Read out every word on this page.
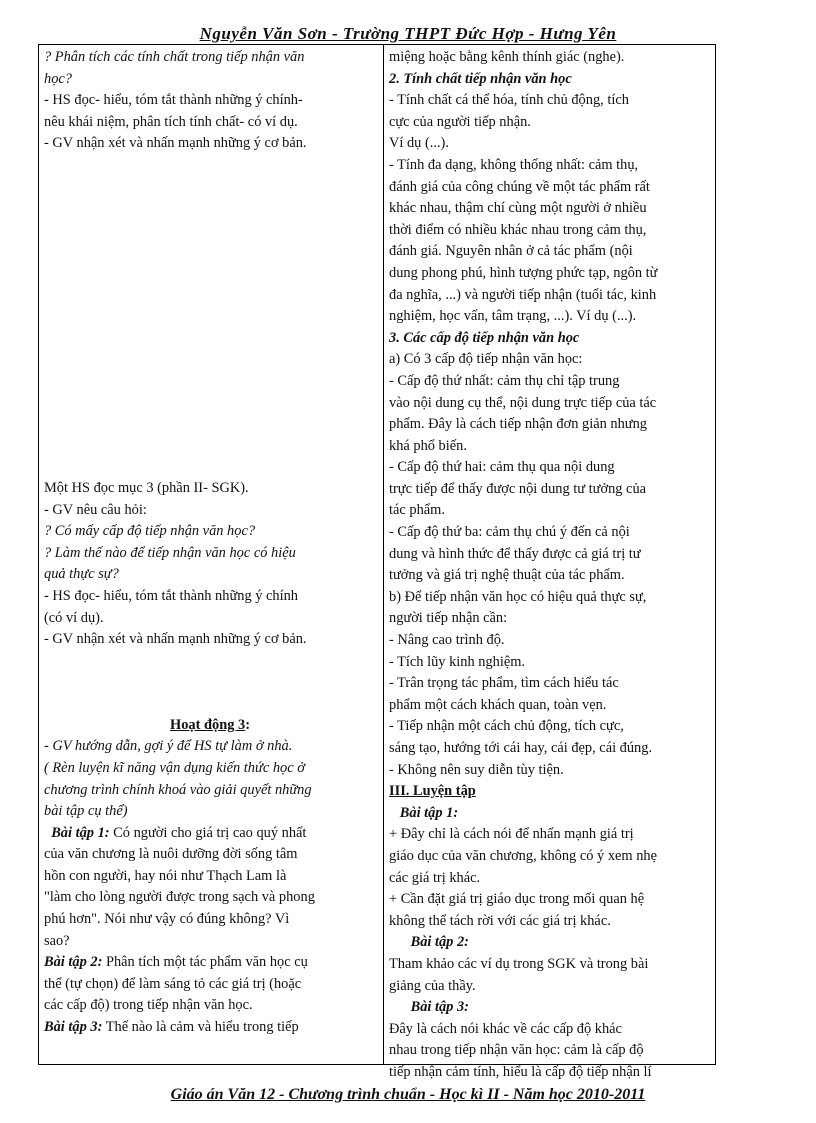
Nguyễn Văn Sơn - Trường THPT Đức Hợp - Hưng Yên
? Phân tích các tính chất trong tiếp nhận văn
học?
- HS đọc- hiểu, tóm tắt thành những ý chính-
nêu khái niệm, phân tích tính chất- có ví dụ.
- GV nhận xét và nhấn mạnh những ý cơ bản.
Một HS đọc mục 3 (phần II- SGK).
- GV nêu câu hỏi:
? Có mấy cấp độ tiếp nhận văn học?
? Làm thế nào để tiếp nhận văn học có hiệu
quả thực sự?
- HS đọc- hiểu, tóm tắt thành những ý chính
(có ví dụ).
- GV nhận xét và nhấn mạnh những ý cơ bản.
Hoạt động 3:
- GV hướng dẫn, gợi ý để HS tự làm ở nhà.
( Rèn luyện kĩ năng vận dụng kiến thức học ở
chương trình chính khoá vào giải quyết những
bài tập cụ thể)
Bài tập 1: Có người cho giá trị cao quý nhất
của văn chương là nuôi dưỡng đời sống tâm
hồn con người, hay nói như Thạch Lam là
"làm cho lòng người được trong sạch và phong
phú hơn". Nói như vậy có đúng không? Vì
sao?
Bài tập 2: Phân tích một tác phẩm văn học cụ
thể (tự chọn) để làm sáng tỏ các giá trị (hoặc
các cấp độ) trong tiếp nhận văn học.
Bài tập 3: Thế nào là cảm và hiểu trong tiếp
miệng hoặc bằng kênh thính giác (nghe).
2. Tính chất tiếp nhận văn học
- Tính chất cá thể hóa, tính chủ động, tích
cực của người tiếp nhận.
Ví dụ (...).
- Tính đa dạng, không thống nhất: cảm thụ,
đánh giá của công chúng về một tác phẩm rất
khác nhau, thậm chí cùng một người ở nhiều
thời điểm có nhiều khác nhau trong cảm thụ,
đánh giá. Nguyên nhân ở cả tác phẩm (nội
dung phong phú, hình tượng phức tạp, ngôn từ
đa nghĩa, ...) và người tiếp nhận (tuổi tác, kinh
nghiệm, học vấn, tâm trạng, ...). Ví dụ (...).
3. Các cấp độ tiếp nhận văn học
a) Có 3 cấp độ tiếp nhận văn học:
- Cấp độ thứ nhất: cảm thụ chỉ tập trung
vào nội dung cụ thể, nội dung trực tiếp của tác
phẩm. Đây là cách tiếp nhận đơn giản nhưng
khá phổ biến.
- Cấp độ thứ hai: cảm thụ qua nội dung
trực tiếp để thấy được nội dung tư tưởng của
tác phẩm.
- Cấp độ thứ ba: cảm thụ chú ý đến cả nội
dung và hình thức để thấy được cả giá trị tư
tưởng và giá trị nghệ thuật của tác phẩm.
b) Để tiếp nhận văn học có hiệu quả thực sự,
người tiếp nhận cần:
- Nâng cao trình độ.
- Tích lũy kinh nghiệm.
- Trân trọng tác phẩm, tìm cách hiểu tác
phẩm một cách khách quan, toàn vẹn.
- Tiếp nhận một cách chủ động, tích cực,
sáng tạo, hướng tới cái hay, cái đẹp, cái đúng.
- Không nên suy diễn tùy tiện.
III. Luyện tập
Bài tập 1:
+ Đây chỉ là cách nói để nhấn mạnh giá trị
giáo dục của văn chương, không có ý xem nhẹ
các giá trị khác.
+ Cần đặt giá trị giáo dục trong mối quan hệ
không thể tách rời với các giá trị khác.
Bài tập 2:
Tham khảo các ví dụ trong SGK và trong bài
giảng của thầy.
Bài tập 3:
Đây là cách nói khác về các cấp độ khác
nhau trong tiếp nhận văn học: cảm là cấp độ
tiếp nhận cảm tính, hiểu là cấp độ tiếp nhận lí
Giáo án Văn 12 - Chương trình chuẩn - Học kì II - Năm học 2010-2011
